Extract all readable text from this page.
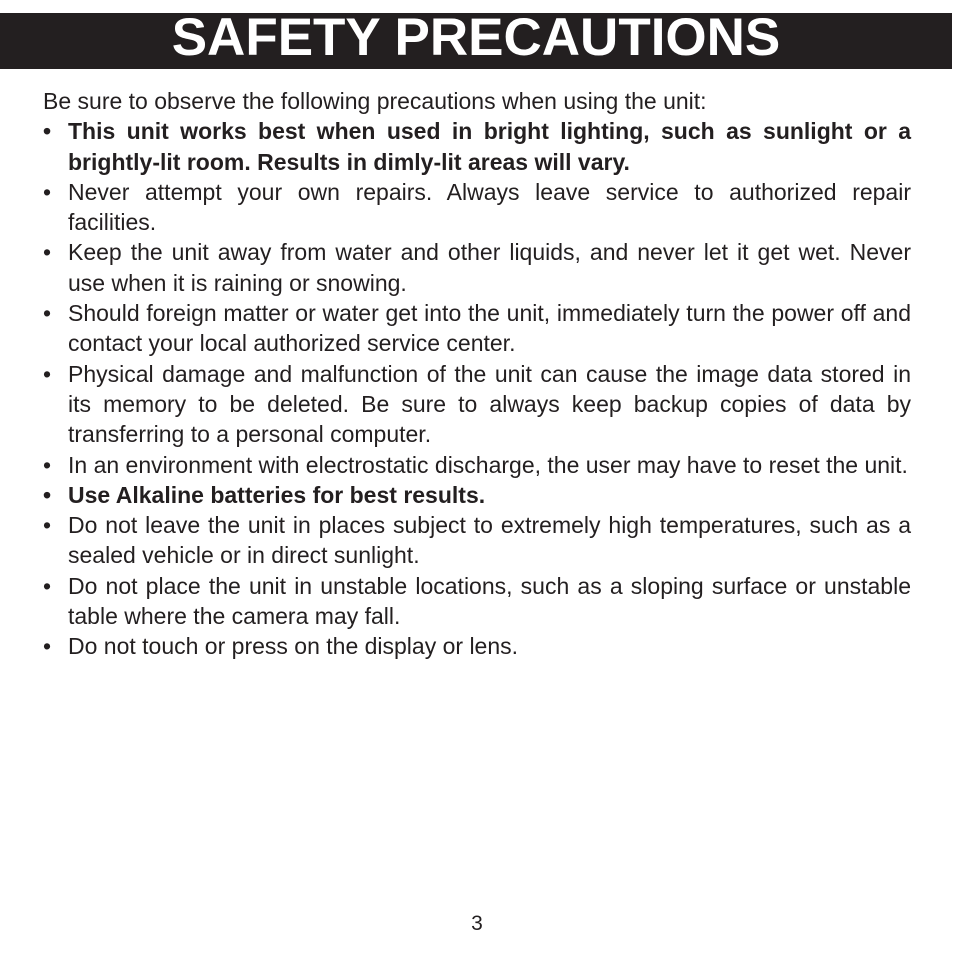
SAFETY PRECAUTIONS

Be sure to observe the following precautions when using the unit:

• This unit works best when used in bright lighting, such as sunlight or a brightly-lit room. Results in dimly-lit areas will vary.
• Never attempt your own repairs. Always leave service to authorized repair facilities.
• Keep the unit away from water and other liquids, and never let it get wet. Never use when it is raining or snowing.
• Should foreign matter or water get into the unit, immediately turn the power off and contact your local authorized service center.
• Physical damage and malfunction of the unit can cause the image data stored in its memory to be deleted. Be sure to always keep backup copies of data by transferring to a personal computer.
• In an environment with electrostatic discharge, the user may have to reset the unit.
• Use Alkaline batteries for best results.
• Do not leave the unit in places subject to extremely high temperatures, such as a sealed vehicle or in direct sunlight.
• Do not place the unit in unstable locations, such as a sloping surface or unstable table where the camera may fall.
• Do not touch or press on the display or lens.
3
